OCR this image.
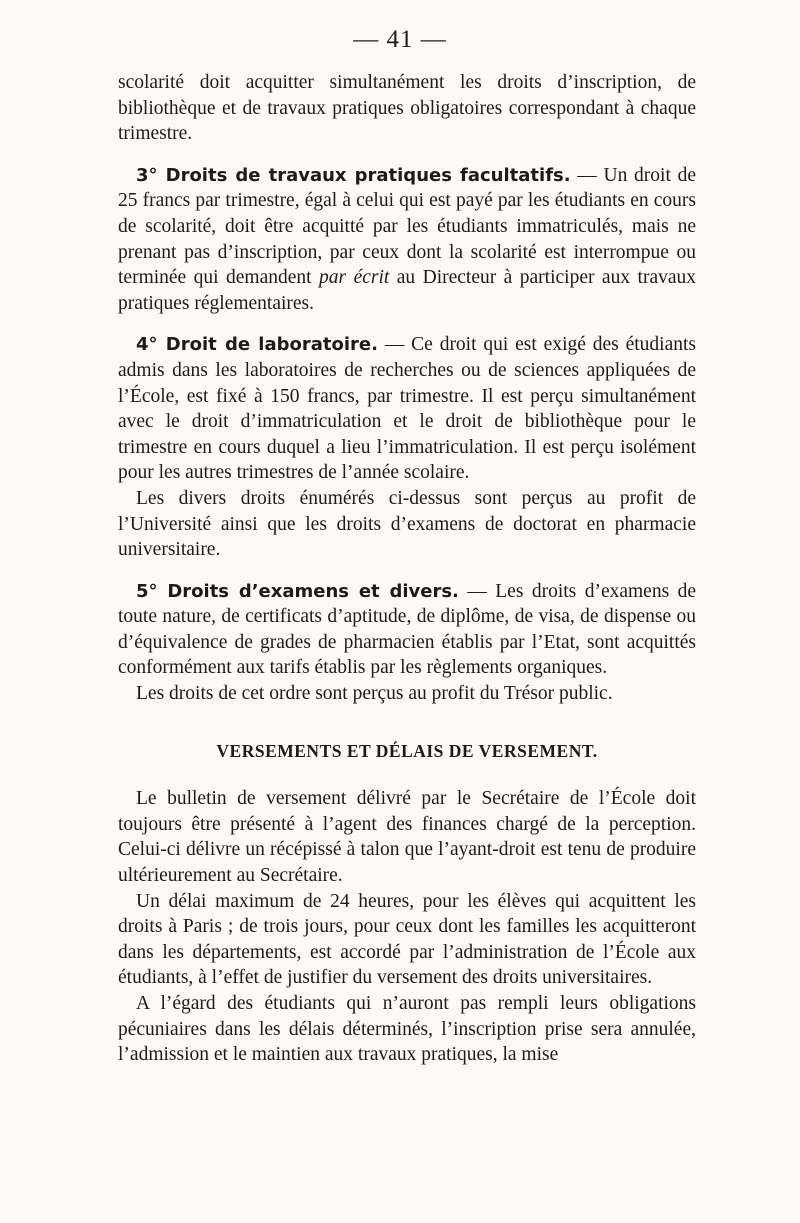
— 41 —

scolarité doit acquitter simultanément les droits d’inscription, de bibliothèque et de travaux pratiques obligatoires correspondant à chaque trimestre.

3° Droits de travaux pratiques facultatifs. — Un droit de 25 francs par trimestre, égal à celui qui est payé par les étudiants en cours de scolarité, doit être acquitté par les étudiants immatriculés, mais ne prenant pas d’inscription, par ceux dont la scolarité est interrompue ou terminée qui demandent par écrit au Directeur à participer aux travaux pratiques réglementaires.

4° Droit de laboratoire. — Ce droit qui est exigé des étudiants admis dans les laboratoires de recherches ou de sciences appliquées de l’École, est fixé à 150 francs, par trimestre. Il est perçu simultanément avec le droit d’immatriculation et le droit de bibliothèque pour le trimestre en cours duquel a lieu l’immatriculation. Il est perçu isolément pour les autres trimestres de l’année scolaire.

Les divers droits énumérés ci-dessus sont perçus au profit de l’Université ainsi que les droits d’examens de doctorat en pharmacie universitaire.

5° Droits d’examens et divers. — Les droits d’examens de toute nature, de certificats d’aptitude, de diplôme, de visa, de dispense ou d’équivalence de grades de pharmacien établis par l’Etat, sont acquittés conformément aux tarifs établis par les règlements organiques.

Les droits de cet ordre sont perçus au profit du Trésor public.

VERSEMENTS ET DÉLAIS DE VERSEMENT.

Le bulletin de versement délivré par le Secrétaire de l’École doit toujours être présenté à l’agent des finances chargé de la perception. Celui-ci délivre un récépissé à talon que l’ayant-droit est tenu de produire ultérieurement au Secrétaire.

Un délai maximum de 24 heures, pour les élèves qui acquittent les droits à Paris ; de trois jours, pour ceux dont les familles les acquitteront dans les départements, est accordé par l’administration de l’École aux étudiants, à l’effet de justifier du versement des droits universitaires.

A l’égard des étudiants qui n’auront pas rempli leurs obligations pécuniaires dans les délais déterminés, l’inscription prise sera annulée, l’admission et le maintien aux travaux pratiques, la mise
